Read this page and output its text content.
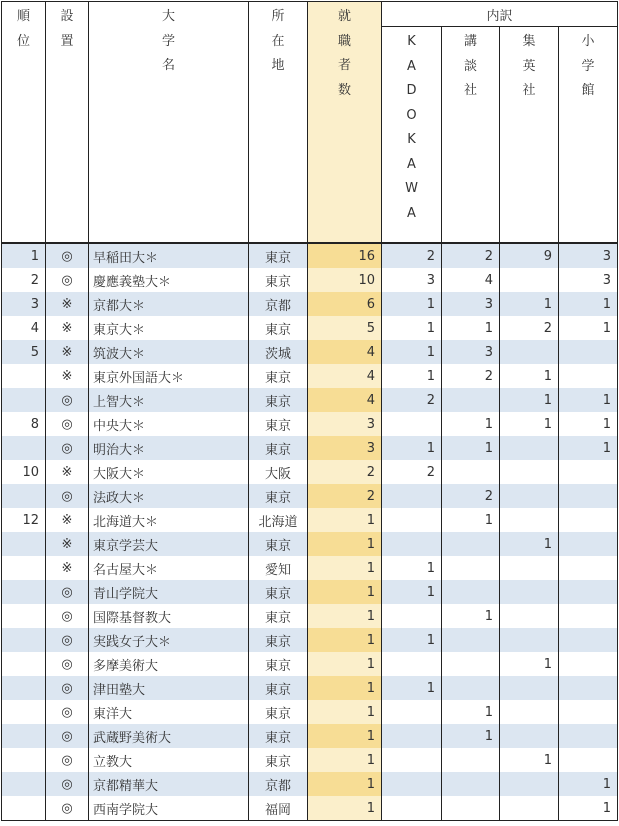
順
位

設
置

大
学
名

所
在
地

就
職
者
数
	内訳

K
A
D
O
K
A
W
A

講
談
社

集
英
社

小
学
館

1	◎	早稲田大＊	東京	16	2	2	9	3
2	◎	慶應義塾大＊	東京	10	3	4		3
3	※	京都大＊	京都	6	1	3	1	1
4	※	東京大＊	東京	5	1	1	2	1
5	※	筑波大＊	茨城	4	1	3		
	※	東京外国語大＊	東京	4	1	2	1	
	◎	上智大＊	東京	4	2		1	1
8	◎	中央大＊	東京	3		1	1	1
	◎	明治大＊	東京	3	1	1		1
10	※	大阪大＊	大阪	2	2			
	◎	法政大＊	東京	2		2		
12	※	北海道大＊	北海道	1		1		
	※	東京学芸大	東京	1			1	
	※	名古屋大＊	愛知	1	1			
	◎	青山学院大	東京	1	1			
	◎	国際基督教大	東京	1		1		
	◎	実践女子大＊	東京	1	1			
	◎	多摩美術大	東京	1			1	
	◎	津田塾大	東京	1	1			
	◎	東洋大	東京	1		1		
	◎	武蔵野美術大	東京	1		1		
	◎	立教大	東京	1			1	
	◎	京都精華大	京都	1				1
	◎	西南学院大	福岡	1				1
